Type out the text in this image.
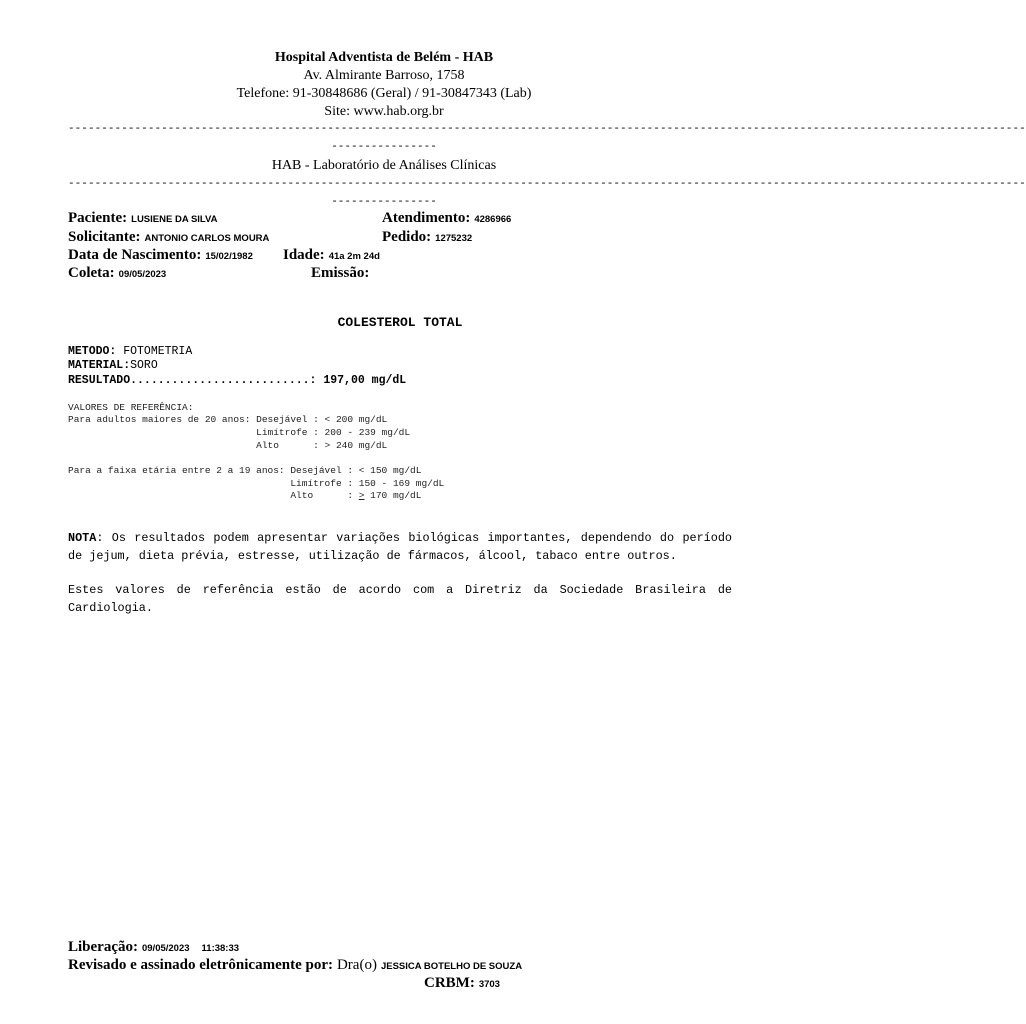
Hospital Adventista de Belém - HAB
Av. Almirante Barroso, 1758
Telefone: 91-30848686 (Geral) / 91-30847343 (Lab)
Site: www.hab.org.br
------------------------------------------------------------------------------------------------------------------------------------------------
----------------
HAB - Laboratório de Análises Clínicas
------------------------------------------------------------------------------------------------------------------------------------------------
----------------
Paciente: LUSIENE DA SILVA	Atendimento: 4286966
Solicitante: ANTONIO CARLOS MOURA	Pedido: 1275232
Data de Nascimento: 15/02/1982 Idade: 41a 2m 24d
Coleta: 09/05/2023	Emissão:
COLESTEROL TOTAL
METODO: FOTOMETRIA
MATERIAL:SORO
RESULTADO..........................: 197,00 mg/dL
VALORES DE REFERÊNCIA:
Para adultos maiores de 20 anos: Desejável : < 200 mg/dL
Limítrofe : 200 - 239 mg/dL
Alto      : > 240 mg/dL
Para a faixa etária entre 2 a 19 anos: Desejável : < 150 mg/dL
Limítrofe : 150 - 169 mg/dL
Alto      : > 170 mg/dL
NOTA: Os resultados podem apresentar variações biológicas importantes, dependendo do período de jejum, dieta prévia, estresse, utilização de fármacos, álcool, tabaco entre outros.
Estes valores de referência estão de acordo com a Diretriz da Sociedade Brasileira de Cardiologia.
Liberação: 09/05/2023 11:38:33
Revisado e assinado eletrônicamente por: Dra(o) JESSICA BOTELHO DE SOUZA
CRBM: 3703
